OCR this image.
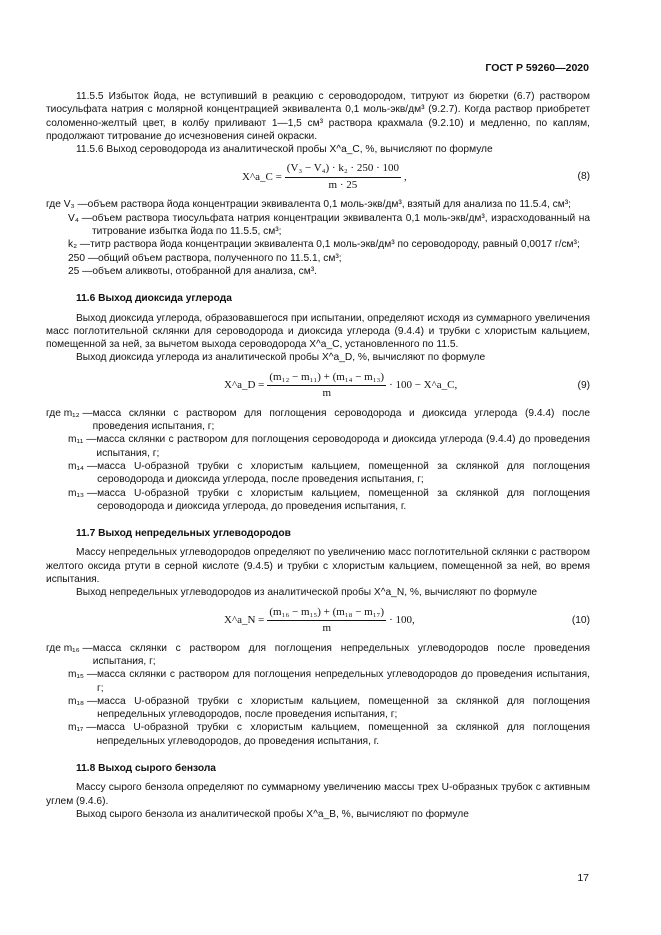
ГОСТ Р 59260—2020

11.5.5 Избыток йода, не вступивший в реакцию с сероводородом, титруют из бюретки (6.7) раствором тиосульфата натрия с молярной концентрацией эквивалента 0,1 моль-экв/дм³ (9.2.7). Когда раствор приобретет соломенно-желтый цвет, в колбу приливают 1—1,5 см³ раствора крахмала (9.2.10) и медленно, по каплям, продолжают титрование до исчезновения синей окраски.

11.5.6 Выход сероводорода из аналитической пробы X^a_C, %, вычисляют по формуле

X^a_C = $\frac{\text{(V₃ − V₄) · k₂ · 250 · 100}}{m \cdot 25}$ ,	(8)
где V₃ — объем раствора йода концентрации эквивалента 0,1 моль-экв/дм³, взятый для анализа по 11.5.4, см³;
V₄ — объем раствора тиосульфата натрия концентрации эквивалента 0,1 моль-экв/дм³, израсходованный на титрование избытка йода по 11.5.5, см³;
k₂ — титр раствора йода концентрации эквивалента 0,1 моль-экв/дм³ по сероводороду, равный 0,0017 г/см³;
250 — общий объем раствора, полученного по 11.5.1, см³;
25 — объем аликвоты, отобранной для анализа, см³.

11.6 Выход диоксида углерода

Выход диоксида углерода, образовавшегося при испытании, определяют исходя из суммарного увеличения масс поглотительной склянки для сероводорода и диоксида углерода (9.4.4) и трубки с хлористым кальцием, помещенной за ней, за вычетом выхода сероводорода X^a_C, установленного по 11.5.

Выход диоксида углерода из аналитической пробы X^a_D, %, вычисляют по формуле

X^a_D = $\frac{\text{(m₁₂ − m₁₁) + (m₁₄ − m₁₃)}}{m} \cdot 100$ − X^a_C,	(9)
где m₁₂ — масса склянки с раствором для поглощения сероводорода и диоксида углерода (9.4.4) после проведения испытания, г;
m₁₁ — масса склянки с раствором для поглощения сероводорода и диоксида углерода (9.4.4) до проведения испытания, г;
m₁₄ — масса U-образной трубки с хлористым кальцием, помещенной за склянкой для поглощения сероводорода и диоксида углерода, после проведения испытания, г;
m₁₃ — масса U-образной трубки с хлористым кальцием, помещенной за склянкой для поглощения сероводорода и диоксида углерода, до проведения испытания, г.

11.7 Выход непредельных углеводородов

Массу непредельных углеводородов определяют по увеличению масс поглотительной склянки с раствором желтого оксида ртути в серной кислоте (9.4.5) и трубки с хлористым кальцием, помещенной за ней, во время испытания.

Выход непредельных углеводородов из аналитической пробы X^a_N, %, вычисляют по формуле

X^a_N = $\frac{\text{(m₁₆ − m₁₅) + (m₁₈ − m₁₇)}}{m} \cdot 100$,	(10)
где m₁₆ — масса склянки с раствором для поглощения непредельных углеводородов после проведения испытания, г;
m₁₅ — масса склянки с раствором для поглощения непредельных углеводородов до проведения испытания, г;
m₁₈ — масса U-образной трубки с хлористым кальцием, помещенной за склянкой для поглощения непредельных углеводородов, после проведения испытания, г;
m₁₇ — масса U-образной трубки с хлористым кальцием, помещенной за склянкой для поглощения непредельных углеводородов, до проведения испытания, г.

11.8 Выход сырого бензола

Массу сырого бензола определяют по суммарному увеличению массы трех U-образных трубок с активным углем (9.4.6).

Выход сырого бензола из аналитической пробы X^a_B, %, вычисляют по формуле

17
